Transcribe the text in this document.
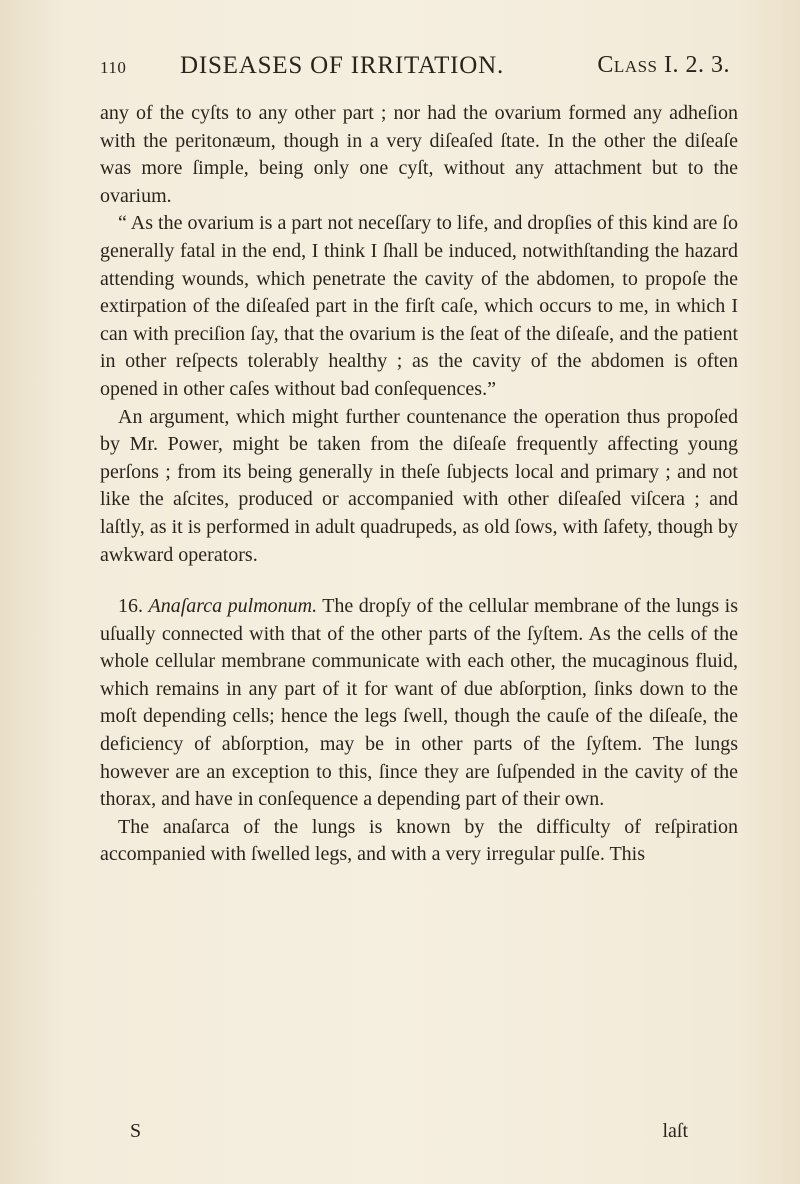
110 DISEASES OF IRRITATION.	Class I. 2. 3.

any of the cyſts to any other part ; nor had the ovarium formed any adheſion with the peritonæum, though in a very diſeaſed ſtate. In the other the diſeaſe was more ſimple, being only one cyſt, without any attachment but to the ovarium.

“ As the ovarium is a part not neceſſary to life, and dropſies of this kind are ſo generally fatal in the end, I think I ſhall be induced, notwithſtanding the hazard attending wounds, which penetrate the cavity of the abdomen, to propoſe the extirpation of the diſeaſed part in the firſt caſe, which occurs to me, in which I can with preciſion ſay, that the ovarium is the ſeat of the diſeaſe, and the patient in other reſpects tolerably healthy ; as the cavity of the abdomen is often opened in other caſes without bad conſequences.”

An argument, which might further countenance the operation thus propoſed by Mr. Power, might be taken from the diſeaſe frequently affecting young perſons ; from its being generally in theſe ſubjects local and primary ; and not like the aſcites, produced or accompanied with other diſeaſed viſcera ; and laſtly, as it is performed in adult quadrupeds, as old ſows, with ſafety, though by awkward operators.

16. Anaſarca pulmonum. The dropſy of the cellular membrane of the lungs is uſually connected with that of the other parts of the ſyſtem. As the cells of the whole cellular membrane communicate with each other, the mucaginous fluid, which remains in any part of it for want of due abſorption, ſinks down to the moſt depending cells; hence the legs ſwell, though the cauſe of the diſeaſe, the deficiency of abſorption, may be in other parts of the ſyſtem. The lungs however are an exception to this, ſince they are ſuſpended in the cavity of the thorax, and have in conſequence a depending part of their own.

The anaſarca of the lungs is known by the difficulty of reſpiration accompanied with ſwelled legs, and with a very irregular pulſe. This

S	laſt
